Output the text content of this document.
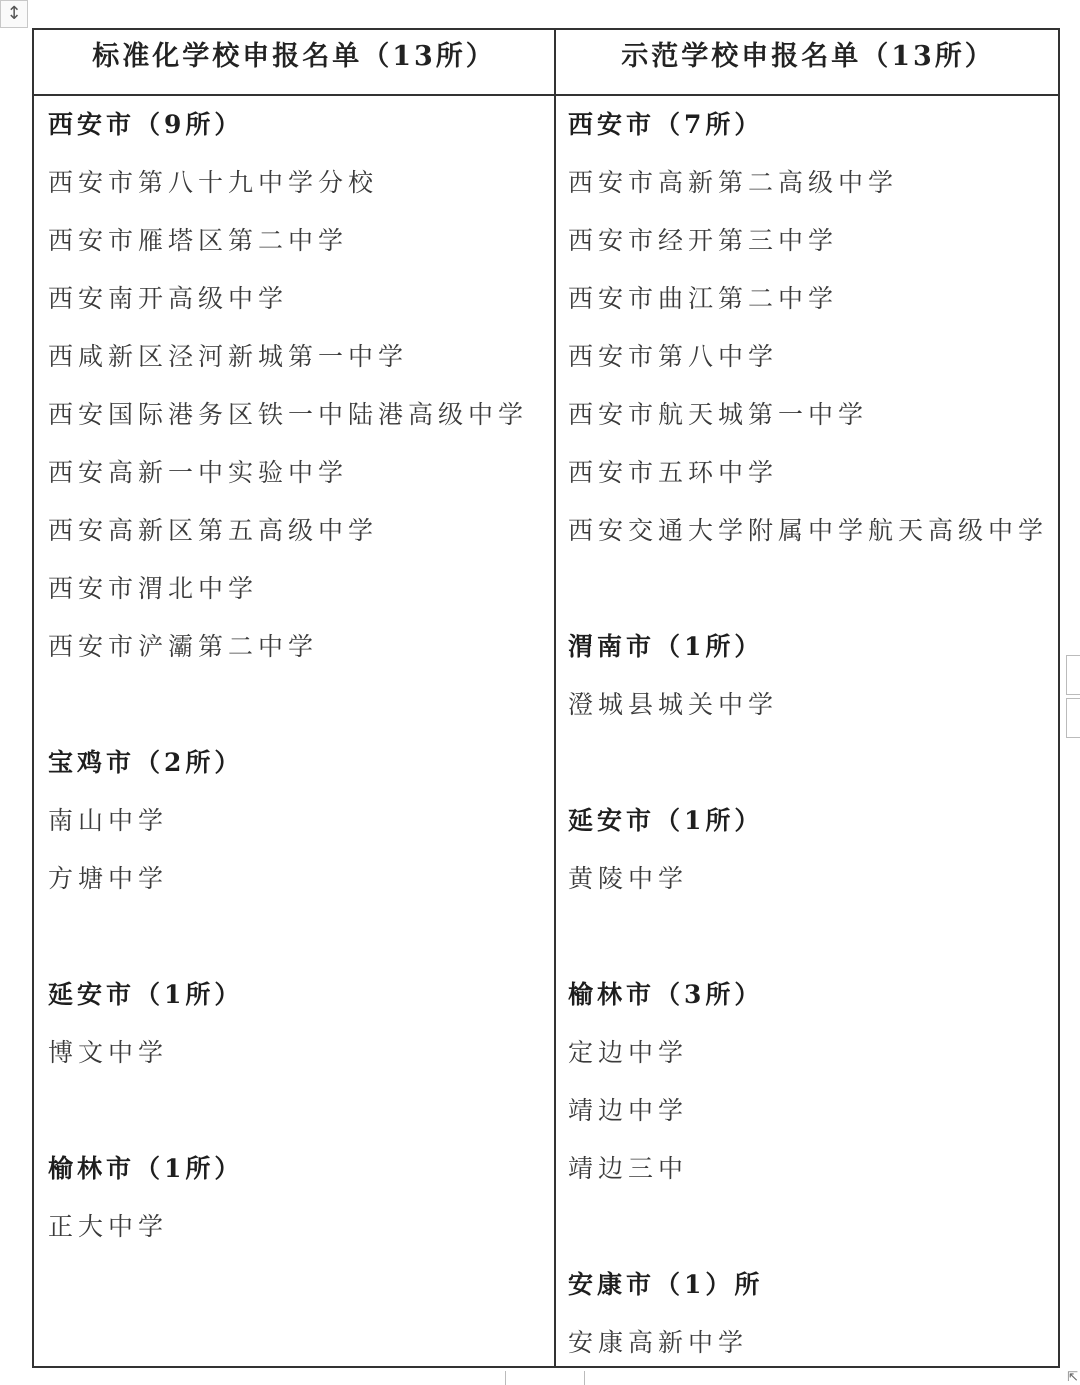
↕
标准化学校申报名单（13所）	示范学校申报名单（13所）
西安市（9所）
西安市第八十九中学分校
西安市雁塔区第二中学
西安南开高级中学
西咸新区泾河新城第一中学
西安国际港务区铁一中陆港高级中学
西安高新一中实验中学
西安高新区第五高级中学
西安市渭北中学
西安市浐灞第二中学
宝鸡市（2所）
南山中学
方塘中学
延安市（1所）
博文中学
榆林市（1所）
正大中学
西安市（7所）
西安市高新第二高级中学
西安市经开第三中学
西安市曲江第二中学
西安市第八中学
西安市航天城第一中学
西安市五环中学
西安交通大学附属中学航天高级中学
渭南市（1所）
澄城县城关中学
延安市（1所）
黄陵中学
榆林市（3所）
定边中学
靖边中学
靖边三中
安康市（1）所
安康高新中学
⇱
